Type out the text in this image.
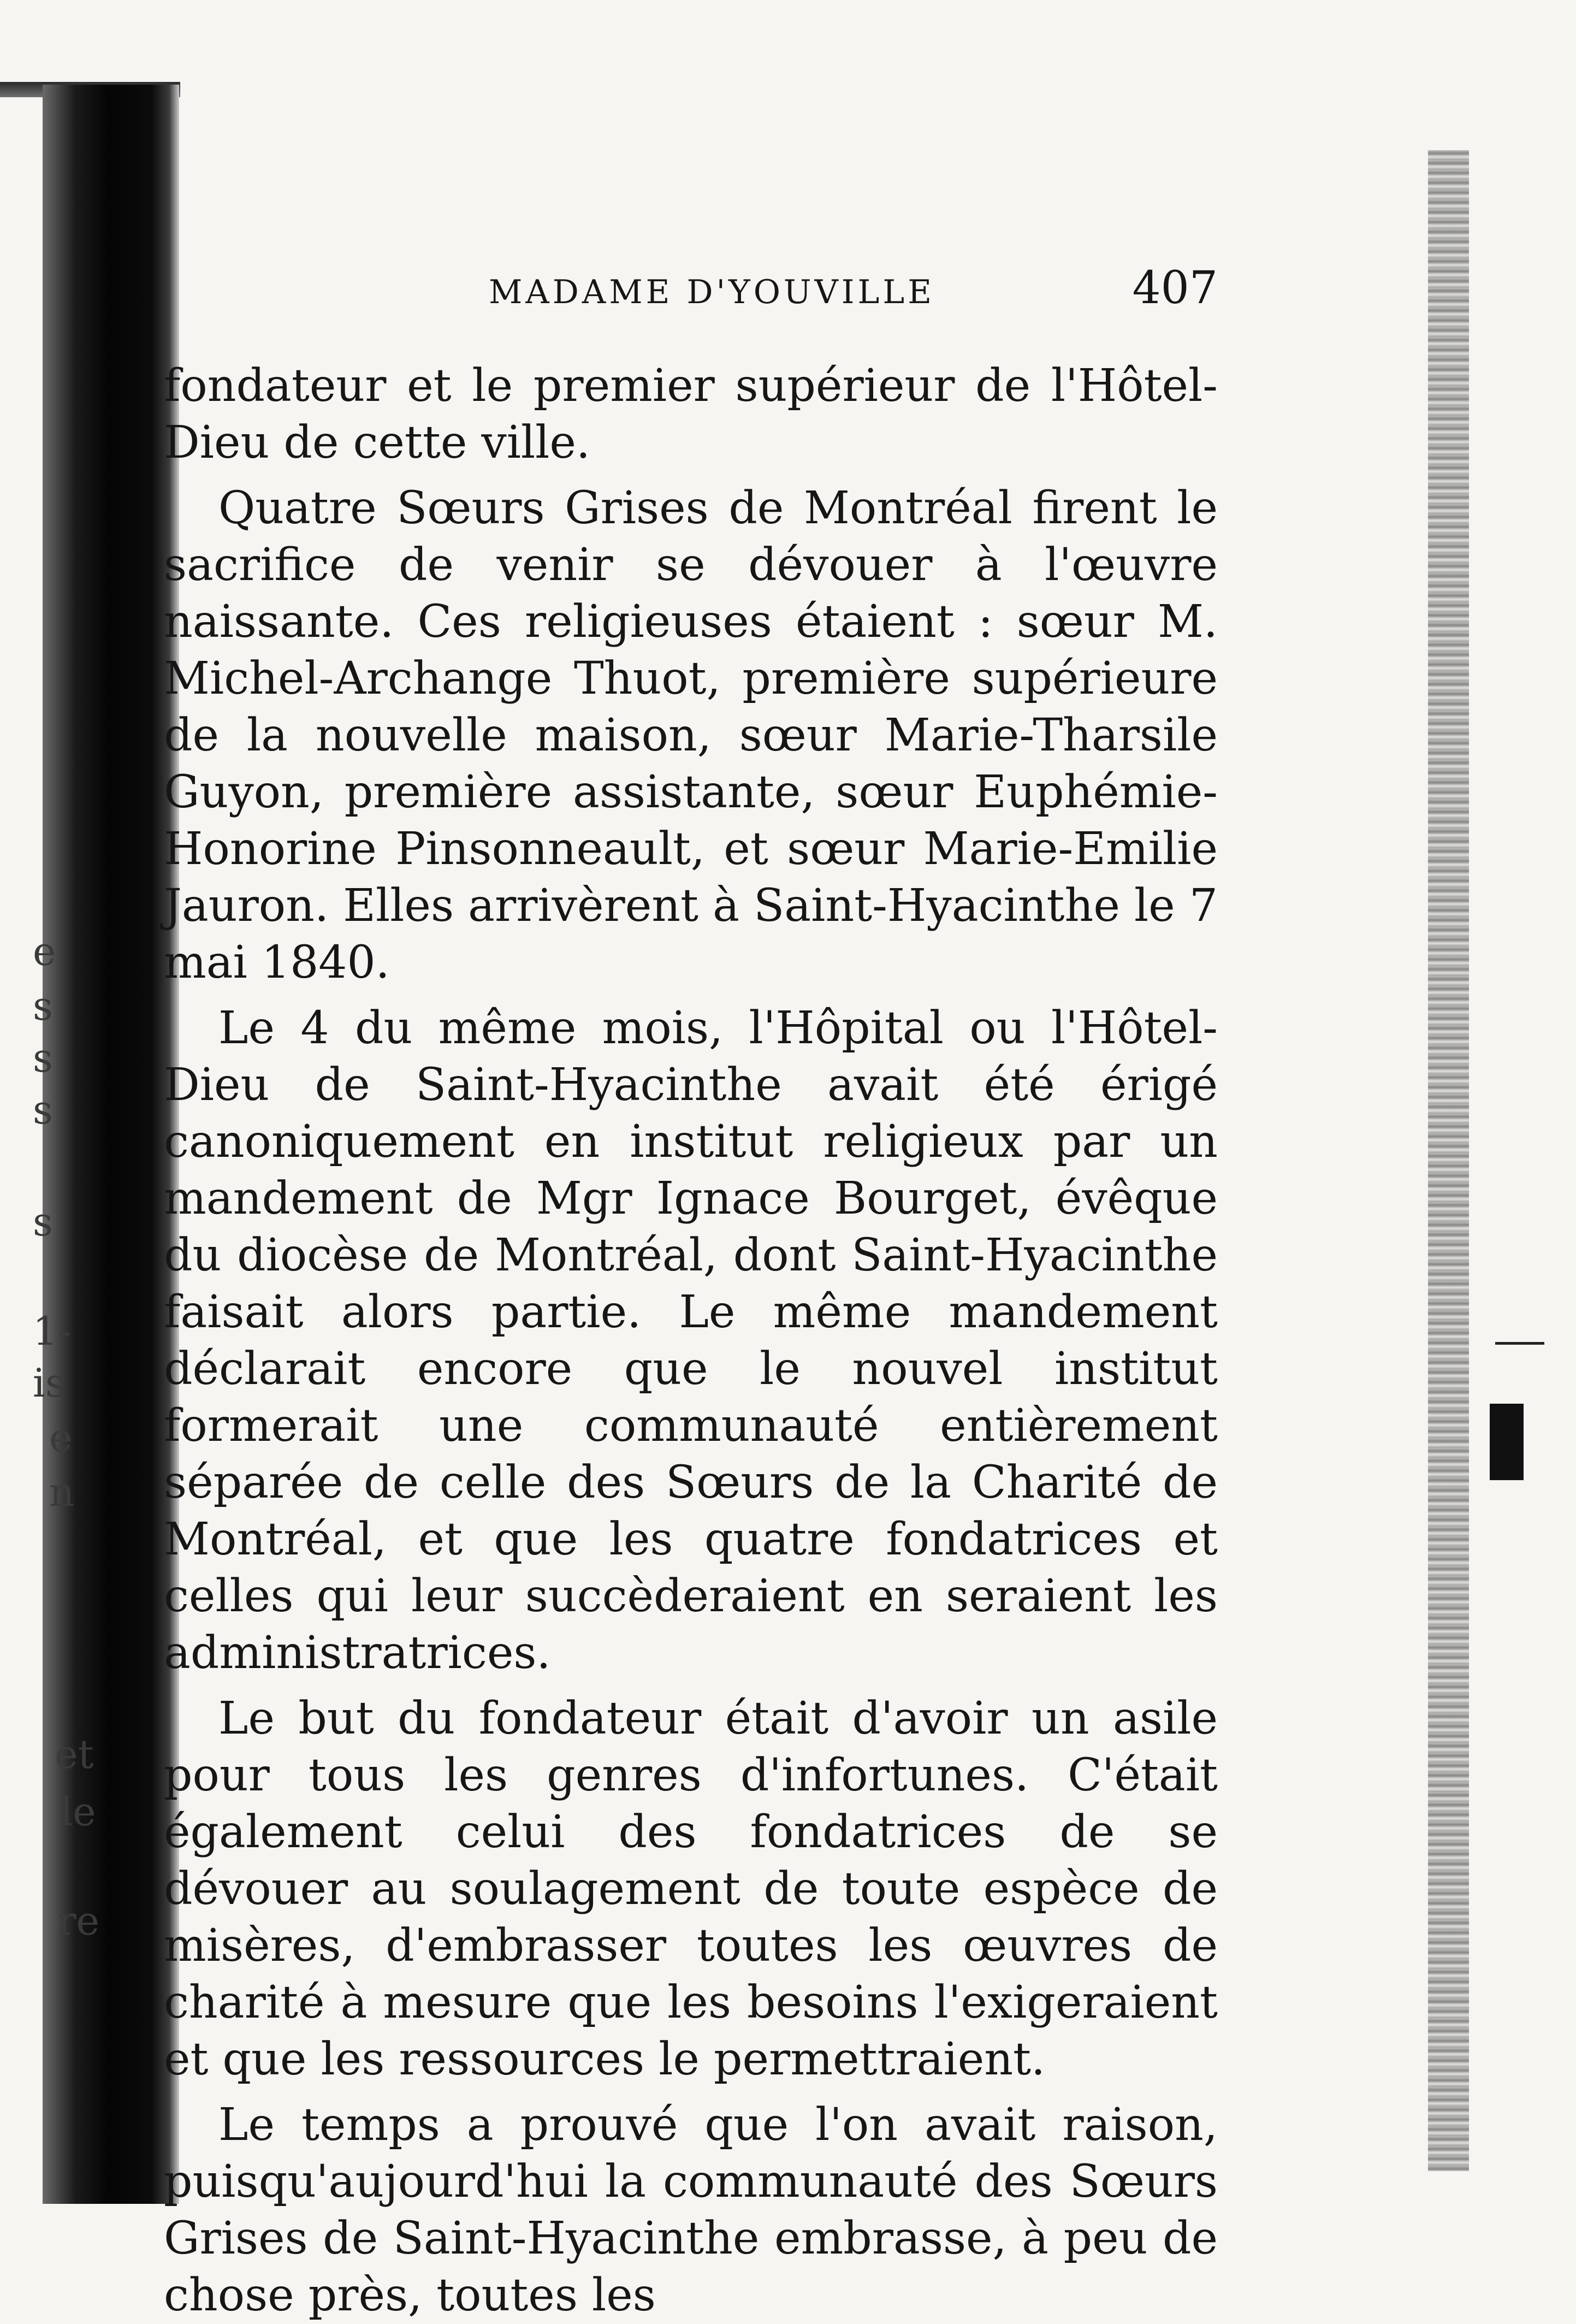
e
s
s
s
s
1-
is
e
n
et
le
re
MADAME D'YOUVILLE	407

fondateur et le premier supérieur de l'Hôtel-Dieu de cette ville.

Quatre Sœurs Grises de Montréal firent le sacrifice de venir se dévouer à l'œuvre naissante. Ces religieuses étaient : sœur M. Michel-Archange Thuot, première supérieure de la nouvelle maison, sœur Marie-Tharsile Guyon, première assistante, sœur Euphémie-Honorine Pinsonneault, et sœur Marie-Emilie Jauron. Elles arrivèrent à Saint-Hyacinthe le 7 mai 1840.

Le 4 du même mois, l'Hôpital ou l'Hôtel-Dieu de Saint-Hyacinthe avait été érigé canoniquement en institut religieux par un mandement de Mgr Ignace Bourget, évêque du diocèse de Montréal, dont Saint-Hyacinthe faisait alors partie. Le même mandement déclarait encore que le nouvel institut formerait une communauté entièrement séparée de celle des Sœurs de la Charité de Montréal, et que les quatre fondatrices et celles qui leur succèderaient en seraient les administratrices.

Le but du fondateur était d'avoir un asile pour tous les genres d'infortunes. C'était également celui des fondatrices de se dévouer au soulagement de toute espèce de misères, d'embrasser toutes les œuvres de charité à mesure que les besoins l'exigeraient et que les ressources le permettraient.

Le temps a prouvé que l'on avait raison, puisqu'aujourd'hui la communauté des Sœurs Grises de Saint-Hyacinthe embrasse, à peu de chose près, toutes les
